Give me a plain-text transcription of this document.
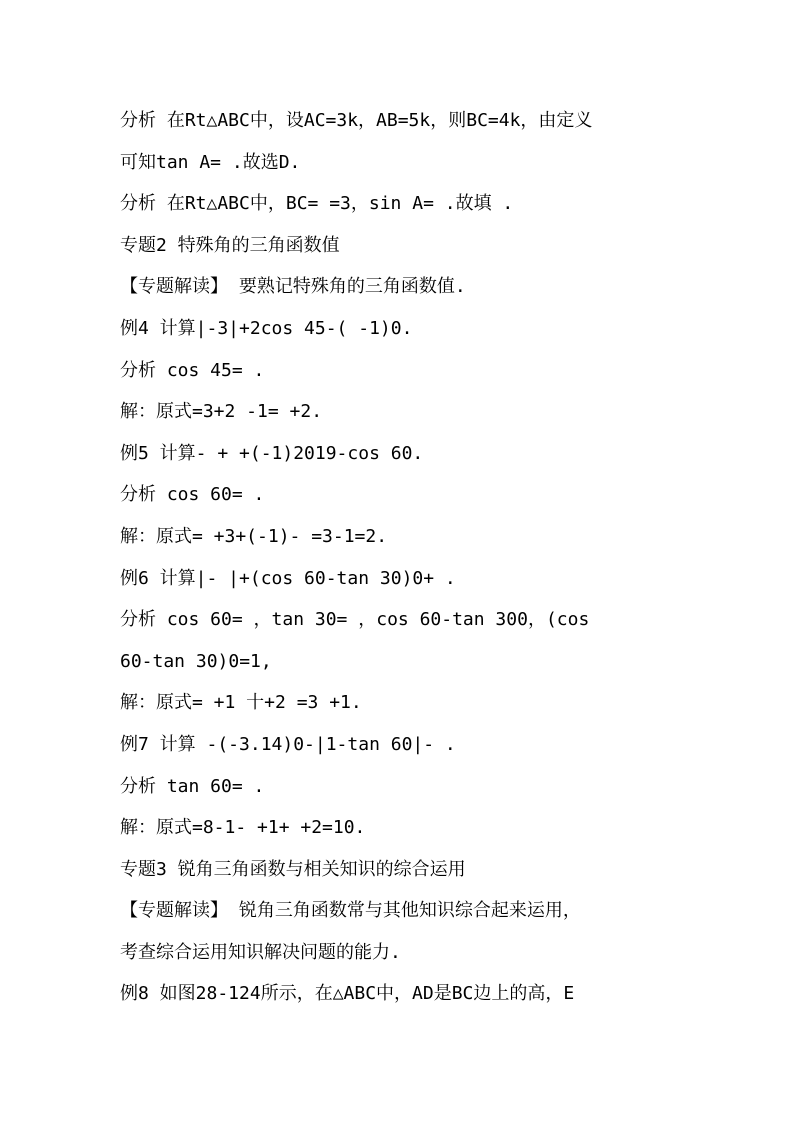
分析 在Rt△ABC中，设AC=3k，AB=5k，则BC=4k，由定义
可知tan A= .故选D.
分析 在Rt△ABC中，BC= =3，sin A= .故填 .
专题2 特殊角的三角函数值
【专题解读】 要熟记特殊角的三角函数值.
例4 计算|-3|+2cos 45-( -1)0.
分析 cos 45= .
解：原式=3+2 -1= +2.
例5 计算- + +(-1)2019-cos 60.
分析 cos 60= .
解：原式= +3+(-1)- =3-1=2.
例6 计算|- |+(cos 60-tan 30)0+ .
分析 cos 60= ，tan 30= ，cos 60-tan 300，(cos
60-tan 30)0=1,
解：原式= +1 十+2 =3 +1.
例7 计算 -(-3.14)0-|1-tan 60|- .
分析 tan 60= .
解：原式=8-1- +1+ +2=10.
专题3 锐角三角函数与相关知识的综合运用
【专题解读】 锐角三角函数常与其他知识综合起来运用，
考查综合运用知识解决问题的能力.
例8 如图28-124所示，在△ABC中，AD是BC边上的高，E
